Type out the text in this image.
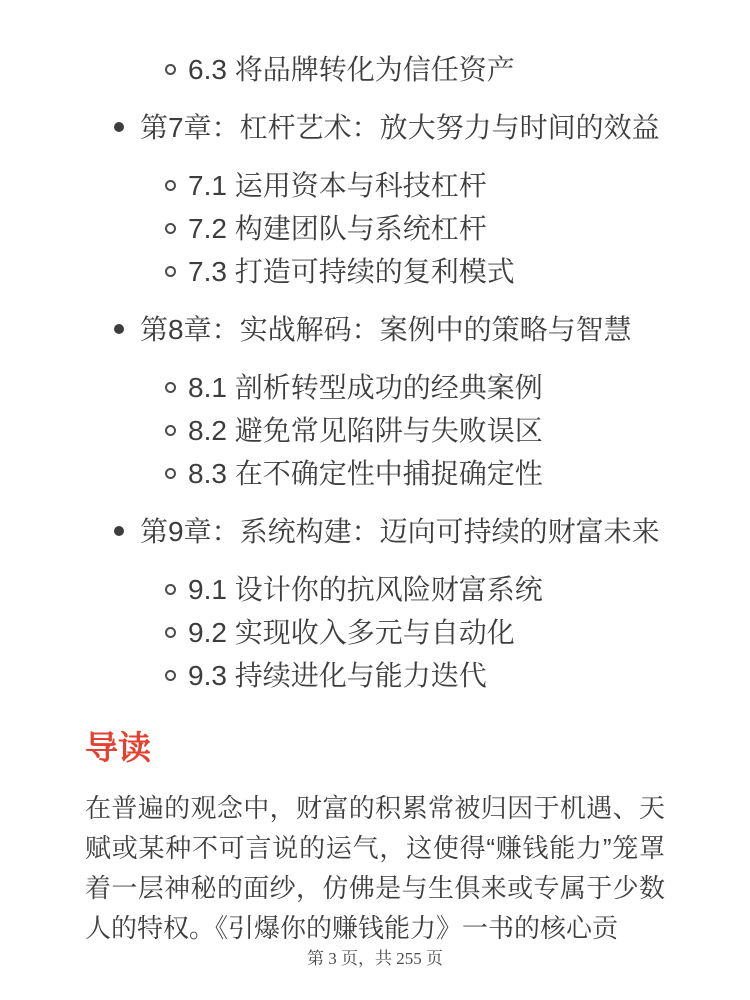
6.3 将品牌转化为信任资产
第7章：杠杆艺术：放大努力与时间的效益
7.1 运用资本与科技杠杆
7.2 构建团队与系统杠杆
7.3 打造可持续的复利模式
第8章：实战解码：案例中的策略与智慧
8.1 剖析转型成功的经典案例
8.2 避免常见陷阱与失败误区
8.3 在不确定性中捕捉确定性
第9章：系统构建：迈向可持续的财富未来
9.1 设计你的抗风险财富系统
9.2 实现收入多元与自动化
9.3 持续进化与能力迭代
导读

在普遍的观念中，财富的积累常被归因于机遇、天赋或某种不可言说的运气，这使得“赚钱能力”笼罩着一层神秘的面纱，仿佛是与生俱来或专属于少数人的特权。《引爆你的赚钱能力》一书的核心贡

第 3 页，共 255 页
